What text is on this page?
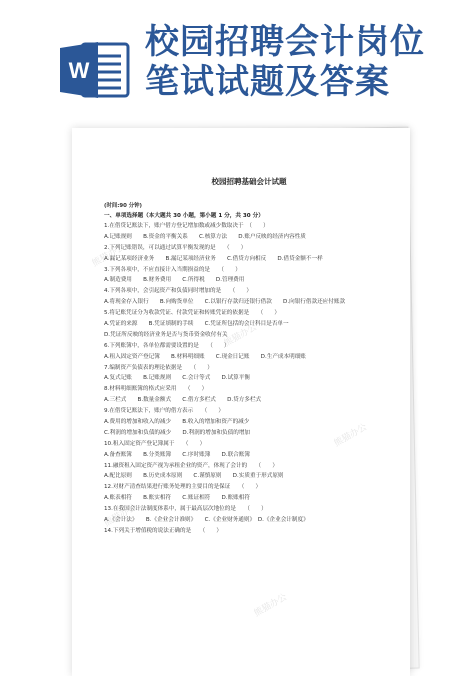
W
校园招聘会计岗位
笔试试题及答案
校园招聘基础会计试题
(时间:90 分钟)
一、单项选择题（本大题共 30 小题，第小题 1 分，共 30 分）
1.在借贷记账法下，账户借方登记增加数或减少数取决于　（　　）
A.记账规则　　B.资金的平衡关系　　C.核算方法　　D.账户反映的经济内容性质
2.下列记账错误，可以通过试算平衡发现的是　　（　　）
A.漏记某项经济业务　　B.漏记某项经济业务　　C.借贷方向相反　　D.借贷金额不一样
3.下列各项中，不应直接计入当期损益的是　　（　　）
A.制造费用　　B.财务费用　　C.所得税　　D.管理费用
4.下列各项中，会引起资产和负债同时增加的是　　（　　）
A.将现金存入银行　　B.向购货单位　　C.以银行存款归还银行借款　　D.向银行借款还应付账款
5.将记账凭证分为收款凭证、付款凭证和转账凭证的依据是　　（　　）
A.凭证的来源　　B.凭证填制的手续　　C.凭证所包括的会计科目是否单一
D.凭证所反映的经济业务是否与货币资金收付有关
6.下列账簿中，各单位都需要设置的是　　（　　）
A.租入固定资产登记簿　　B.材料明细账　　C.现金日记账　　D.生产成本明细账
7.编制资产负债表的理论依据是　　（　　）
A.复式记账　　B.记账规则　　C.会计等式　　D.试算平衡
8.材料明细账簿的格式应采用　　（　　）
A.三栏式　　B.数量金额式　　C.借方多栏式　　D.贷方多栏式
9.在借贷记账法下，账户的借方表示　　（　　）
A.费用的增加和收入的减少　　B.收入的增加和资产的减少
C.利润的增加和负债的减少　　D.利润的增加和负债的增加
10.租入固定资产登记簿属于　　（　　）
A.备查账簿　　B.分类账簿　　C.序时账簿　　D.联合账簿
11.融资租入固定资产视为承租企业的资产，体现了会计的　　（　　）
A.配比原则　　B.历史成本原则　　C.谨慎原则　　D.实质重于形式原则
12.对财产清查结果进行账务处理的主要目的是保证　　（　　）
A.账表相符　　B.账实相符　　C.账证相符　　D.账账相符
13.在我国会计法制度体系中，属于最高层次地位的是　　（　　）
A.《会计法》　　B.《企业会计准则》　　C.《企业财务通则》　D.《企业会计制度》
14.下列关于增值税的说法正确的是　　（　　）
熊猫办公
熊猫办公
熊猫办公
熊猫办公
熊猫办公
